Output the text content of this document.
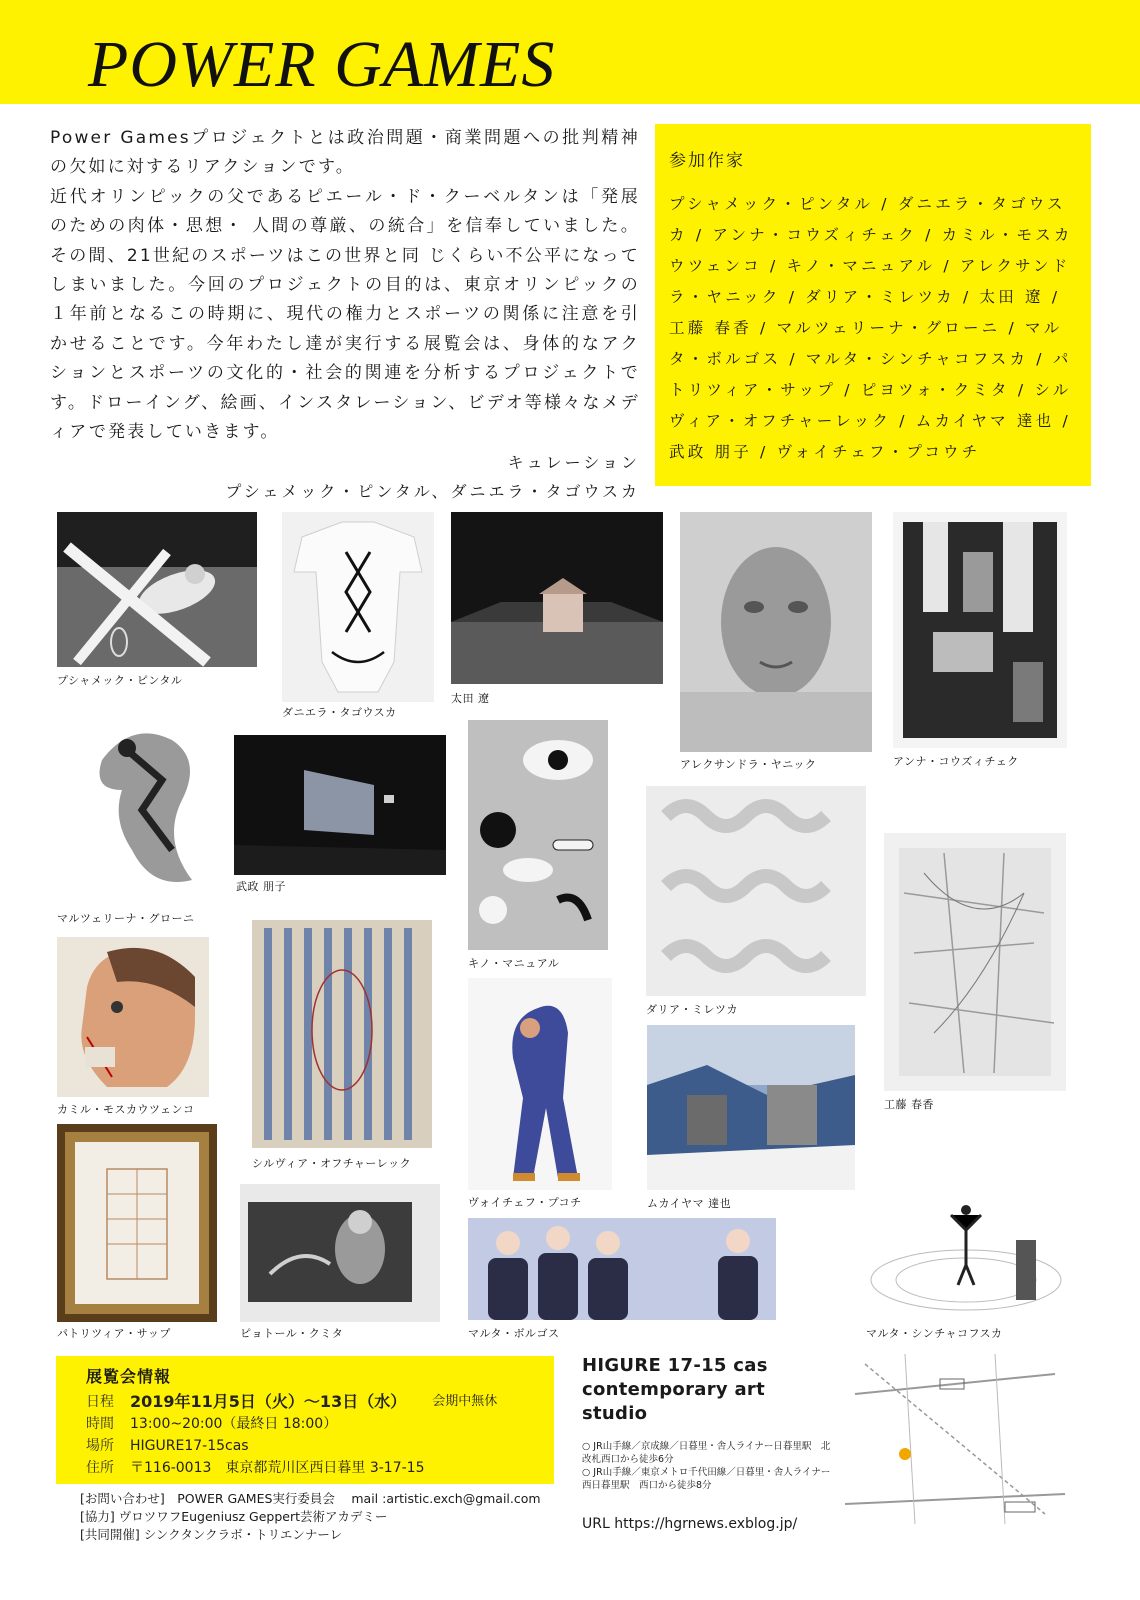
POWER GAMES

Power Gamesプロジェクトとは政治問題・商業問題への批判精神の欠如に対するリアクションです。

近代オリンピックの父であるピエール・ド・クーベルタンは「発展のための肉体・思想・ 人間の尊厳、の統合」を信奉していました。その間、21世紀のスポーツはこの世界と同 じくらい不公平になってしまいました。今回のプロジェクトの目的は、東京オリンピックの１年前となるこの時期に、現代の権力とスポーツの関係に注意を引かせることです。今年わたし達が実行する展覧会は、身体的なアクションとスポーツの文化的・社会的関連を分析するプロジェクトです。ドローイング、絵画、インスタレーション、ビデオ等様々なメディアで発表していきます。

キュレーション
プシェメック・ピンタル、ダニエラ・タゴウスカ
参加作家
プシャメック・ピンタル / ダニエラ・タゴウスカ / アンナ・コウズィチェク / カミル・モスカウツェンコ / キノ・マニュアル / アレクサンドラ・ヤニック / ダリア・ミレツカ / 太田 遼 / 工藤 春香 / マルツェリーナ・グローニ / マルタ・ボルゴス / マルタ・シンチャコフスカ / パトリツィア・サップ / ピヨツォ・クミタ / シルヴィア・オフチャーレック / ムカイヤマ 達也 / 武政 朋子 / ヴォイチェフ・プコウチ
プシャメック・ピンタル
ダニエラ・タゴウスカ
太田 遼
アレクサンドラ・ヤニック	アンナ・コウズィチェク
マルツェリーナ・グローニ
武政 朋子
キノ・マニュアル
ダリア・ミレツカ
工藤 春香
カミル・モスカウツェンコ
シルヴィア・オフチャーレック
ヴォイチェフ・プコチ	ムカイヤマ 達也
パトリツィア・サップ	ピョトール・クミタ	マルタ・ボルゴス	マルタ・シンチャコフスカ
展覧会情報
日程	2019年11月5日（火）～13日（水） 会期中無休
時間	13:00~20:00（最終日 18:00）
場所	HIGURE17-15cas
住所	〒116-0013　東京都荒川区西日暮里 3-17-15
[お問い合わせ]　POWER GAMES実行委員会　 mail :artistic.exch@gmail.com
[協力] ヴロツワフEugeniusz Geppert芸術アカデミー
[共同開催] シンクタンクラボ・トリエンナーレ
HIGURE 17-15 cas
contemporary art studio
○ JR山手線／京成線／日暮里・舎人ライナー日暮里駅　北改札西口から徒歩6分
○ JR山手線／東京メトロ千代田線／日暮里・舎人ライナー　西日暮里駅　西口から徒歩8分
URL https://hgrnews.exblog.jp/
